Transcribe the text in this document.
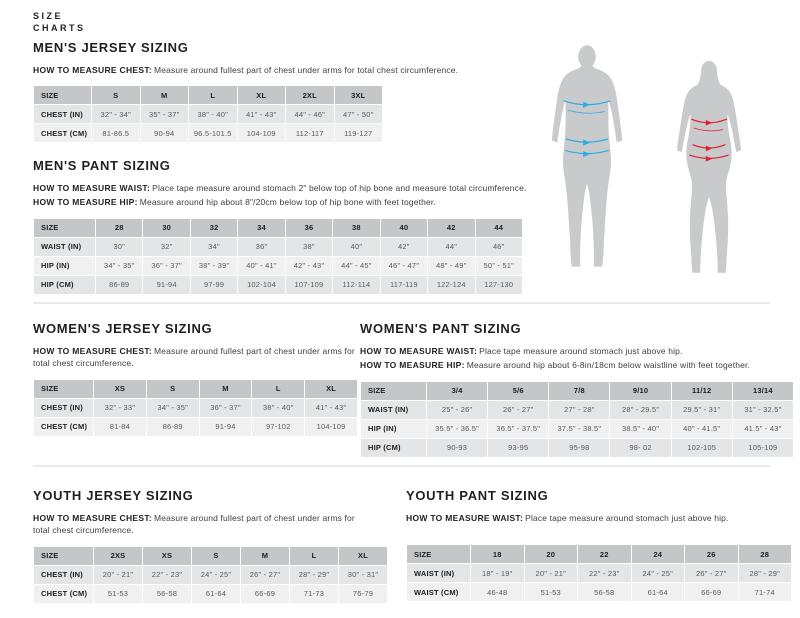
SIZE
CHARTS
MEN'S JERSEY SIZING

HOW TO MEASURE CHEST: Measure around fullest part of chest under arms for total chest circumference.

SIZE	S	M	L	XL	2XL	3XL
CHEST (IN)	32" - 34"	35" - 37"	38" - 40"	41" - 43"	44" - 46"	47" - 50"
CHEST (CM)	81-86.5	90-94	96.5-101.5	104-109	112-117	119-127
MEN'S PANT SIZING

HOW TO MEASURE WAIST: Place tape measure around stomach 2" below top of hip bone and measure total circumference.

HOW TO MEASURE HIP: Measure around hip about 8"/20cm below top of hip bone with feet together.

SIZE	28	30	32	34	36	38	40	42	44
WAIST (IN)	30"	32"	34"	36"	38"	40"	42"	44"	46"
HIP (IN)	34" - 35"	36" - 37"	38" - 39"	40" - 41"	42" - 43"	44" - 45"	46" - 47"	48" - 49"	50" - 51"
HIP (CM)	86-89	91-94	97-99	102-104	107-109	112-114	117-119	122-124	127-130
WOMEN'S JERSEY SIZING

HOW TO MEASURE CHEST: Measure around fullest part of chest under arms for total chest circumference.

SIZE	XS	S	M	L	XL
CHEST (IN)	32" - 33"	34" - 35"	36" - 37"	38" - 40"	41" - 43"
CHEST (CM)	81-84	86-89	91-94	97-102	104-109
WOMEN'S PANT SIZING

HOW TO MEASURE WAIST: Place tape measure around stomach just above hip.

HOW TO MEASURE HIP: Measure around hip about 6-8in/18cm below waistline with feet together.

SIZE	3/4	5/6	7/8	9/10	11/12	13/14
WAIST (IN)	25" - 26"	26" - 27"	27" - 28"	28" - 29.5"	29.5" - 31"	31" - 32.5"
HIP (IN)	35.5" - 36.5"	36.5" - 37.5"	37.5" - 38.5"	38.5" - 40"	40" - 41.5"	41.5" - 43"
HIP (CM)	90-93	93-95	95-98	98- 02	102-105	105-109
YOUTH JERSEY SIZING

HOW TO MEASURE CHEST: Measure around fullest part of chest under arms for total chest circumference.

SIZE	2XS	XS	S	M	L	XL
CHEST (IN)	20" - 21"	22" - 23"	24" - 25"	26" - 27"	28" - 29"	30" - 31"
CHEST (CM)	51-53	56-58	61-64	66-69	71-73	76-79
YOUTH PANT SIZING

HOW TO MEASURE WAIST: Place tape measure around stomach just above hip.

SIZE	18	20	22	24	26	28
WAIST (IN)	18" - 19"	20" - 21"	22" - 23"	24" - 25"	26" - 27"	28" - 29"
WAIST (CM)	46-48	51-53	56-58	61-64	66-69	71-74
